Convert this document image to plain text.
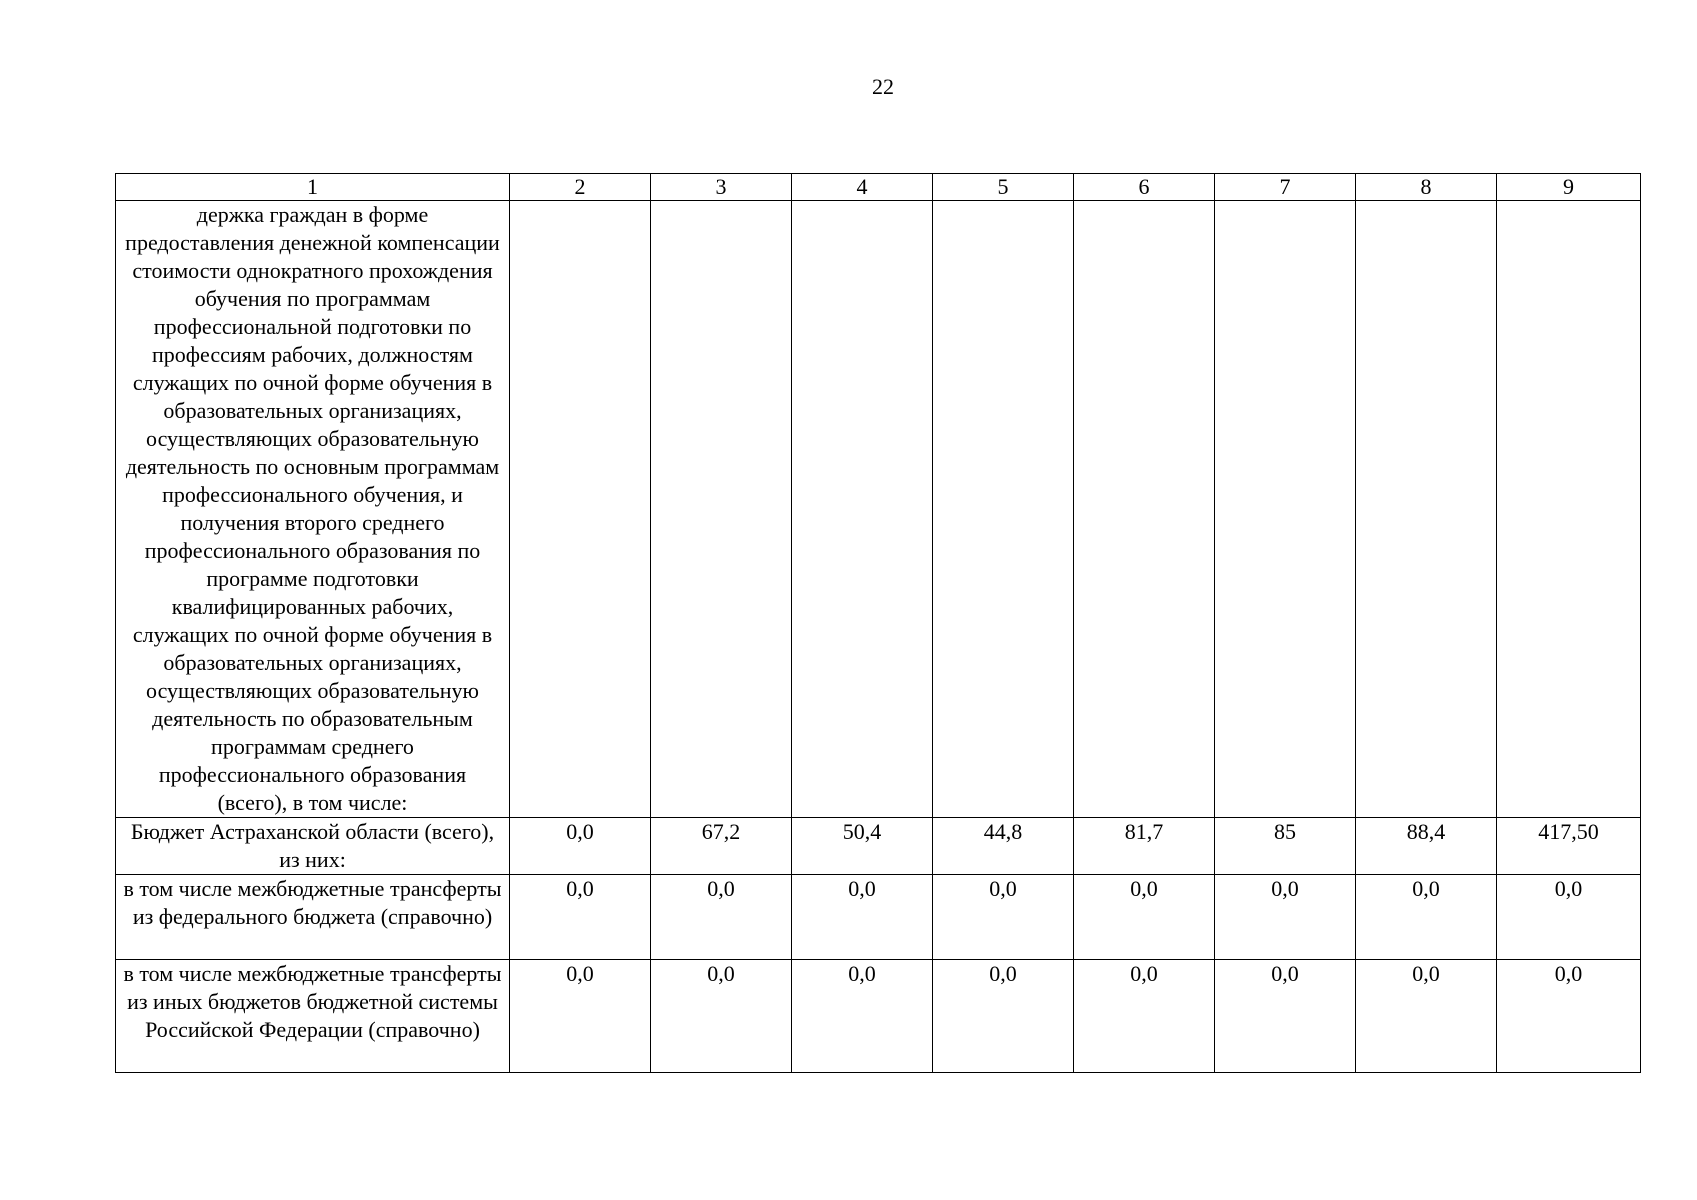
22
1	2	3	4	5	6	7	8	9
держка граждан в форме предоставления денежной компенсации стоимости однократного прохождения обучения по программам профессиональной подготовки по профессиям рабочих, должностям служащих по очной форме обучения в образовательных организациях, осуществляющих образовательную деятельность по основным программам профессионального обучения, и получения второго среднего профессионального образования по программе подготовки квалифицированных рабочих, служащих по очной форме обучения в образовательных организациях, осуществляющих образовательную деятельность по образовательным программам среднего профессионального образования (всего), в том числе:								
Бюджет Астраханской области (всего), из них:	0,0	67,2	50,4	44,8	81,7	85	88,4	417,50
в том числе межбюджетные трансферты из федерального бюджета (справочно)	0,0	0,0	0,0	0,0	0,0	0,0	0,0	0,0
в том числе межбюджетные трансферты из иных бюджетов бюджетной системы Российской Федерации (справочно)	0,0	0,0	0,0	0,0	0,0	0,0	0,0	0,0
